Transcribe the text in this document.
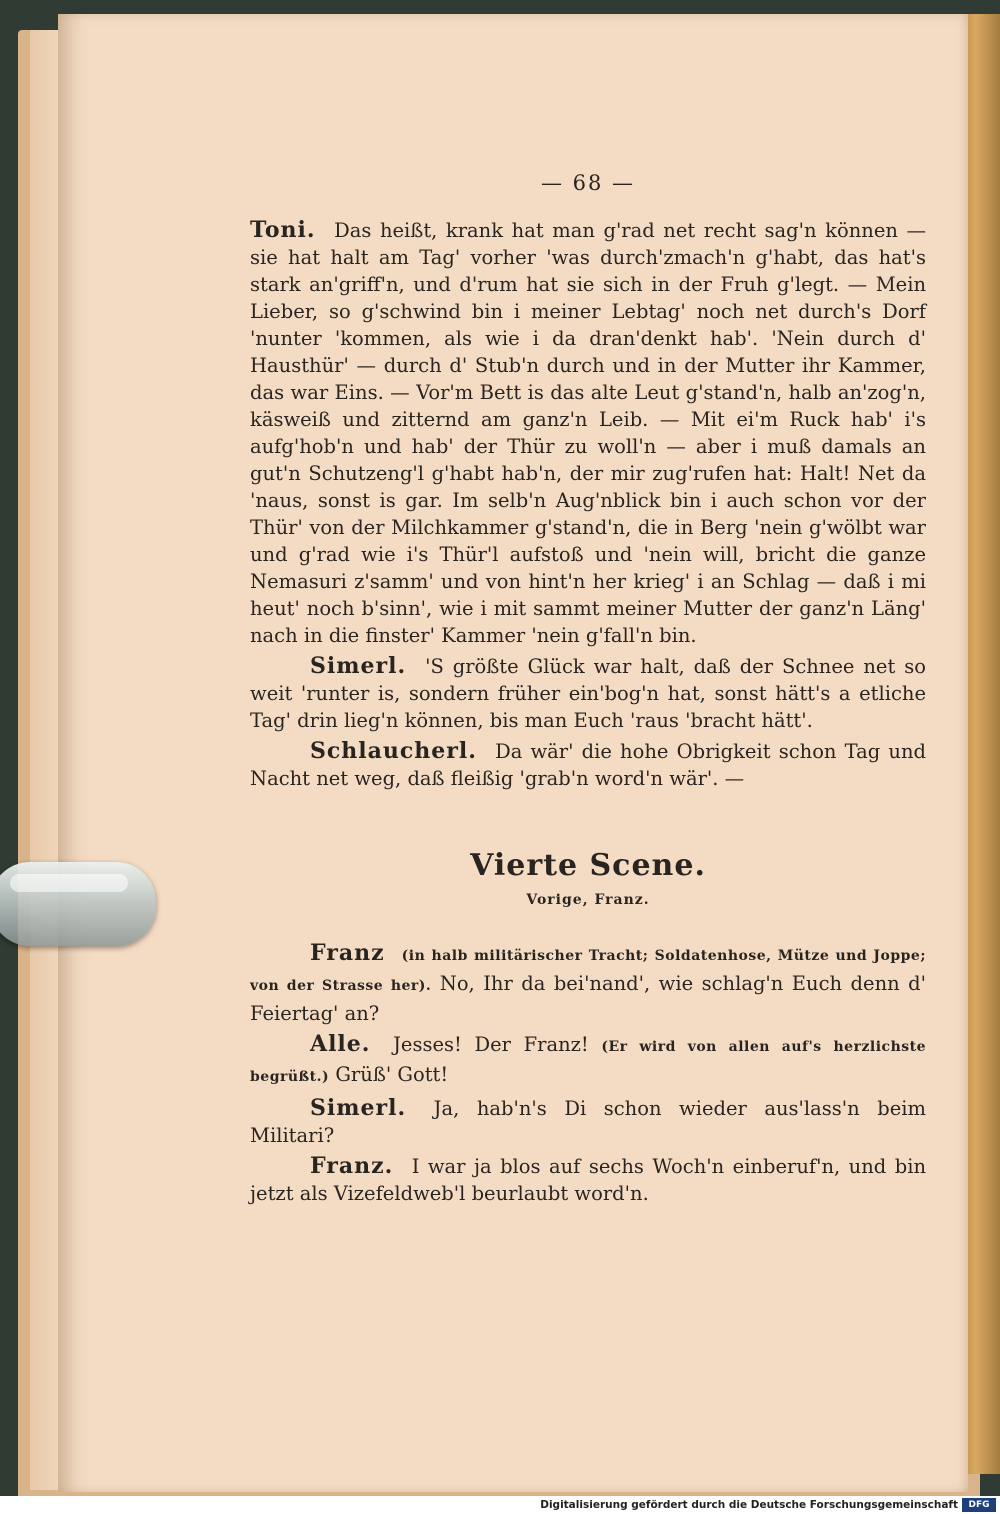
— 68 —

Toni. Das heißt, krank hat man g'rad net recht sag'n können — sie hat halt am Tag' vorher 'was durch'zmach'n g'habt, das hat's stark an'griff'n, und d'rum hat sie sich in der Fruh g'legt. — Mein Lieber, so g'schwind bin i meiner Lebtag' noch net durch's Dorf 'nunter 'kommen, als wie i da dran'denkt hab'. 'Nein durch d' Hausthür' — durch d' Stub'n durch und in der Mutter ihr Kammer, das war Eins. — Vor'm Bett is das alte Leut g'stand'n, halb an'zog'n, käsweiß und zitternd am ganz'n Leib. — Mit ei'm Ruck hab' i's aufg'hob'n und hab' der Thür zu woll'n — aber i muß damals an gut'n Schutzeng'l g'habt hab'n, der mir zug'rufen hat: Halt! Net da 'naus, sonst is gar. Im selb'n Aug'nblick bin i auch schon vor der Thür' von der Milchkammer g'stand'n, die in Berg 'nein g'wölbt war und g'rad wie i's Thür'l aufstoß und 'nein will, bricht die ganze Nemasuri z'samm' und von hint'n her krieg' i an Schlag — daß i mi heut' noch b'sinn', wie i mit sammt meiner Mutter der ganz'n Läng' nach in die finster' Kammer 'nein g'fall'n bin.

Simerl. 'S größte Glück war halt, daß der Schnee net so weit 'runter is, sondern früher ein'bog'n hat, sonst hätt's a etliche Tag' drin lieg'n können, bis man Euch 'raus 'bracht hätt'.

Schlaucherl. Da wär' die hohe Obrigkeit schon Tag und Nacht net weg, daß fleißig 'grab'n word'n wär'. —

Vierte Scene.
Vorige, Franz.

Franz (in halb militärischer Tracht; Soldatenhose, Mütze und Joppe; von der Strasse her). No, Ihr da bei'nand', wie schlag'n Euch denn d' Feiertag' an?

Alle. Jesses! Der Franz! (Er wird von allen auf's herzlichste begrüßt.) Grüß' Gott!

Simerl. Ja, hab'n's Di schon wieder aus'lass'n beim Militari?

Franz. I war ja blos auf sechs Woch'n einberuf'n, und bin jetzt als Vizefeldweb'l beurlaubt word'n.

Digitalisierung gefördert durch die Deutsche Forschungsgemeinschaft	DFG
